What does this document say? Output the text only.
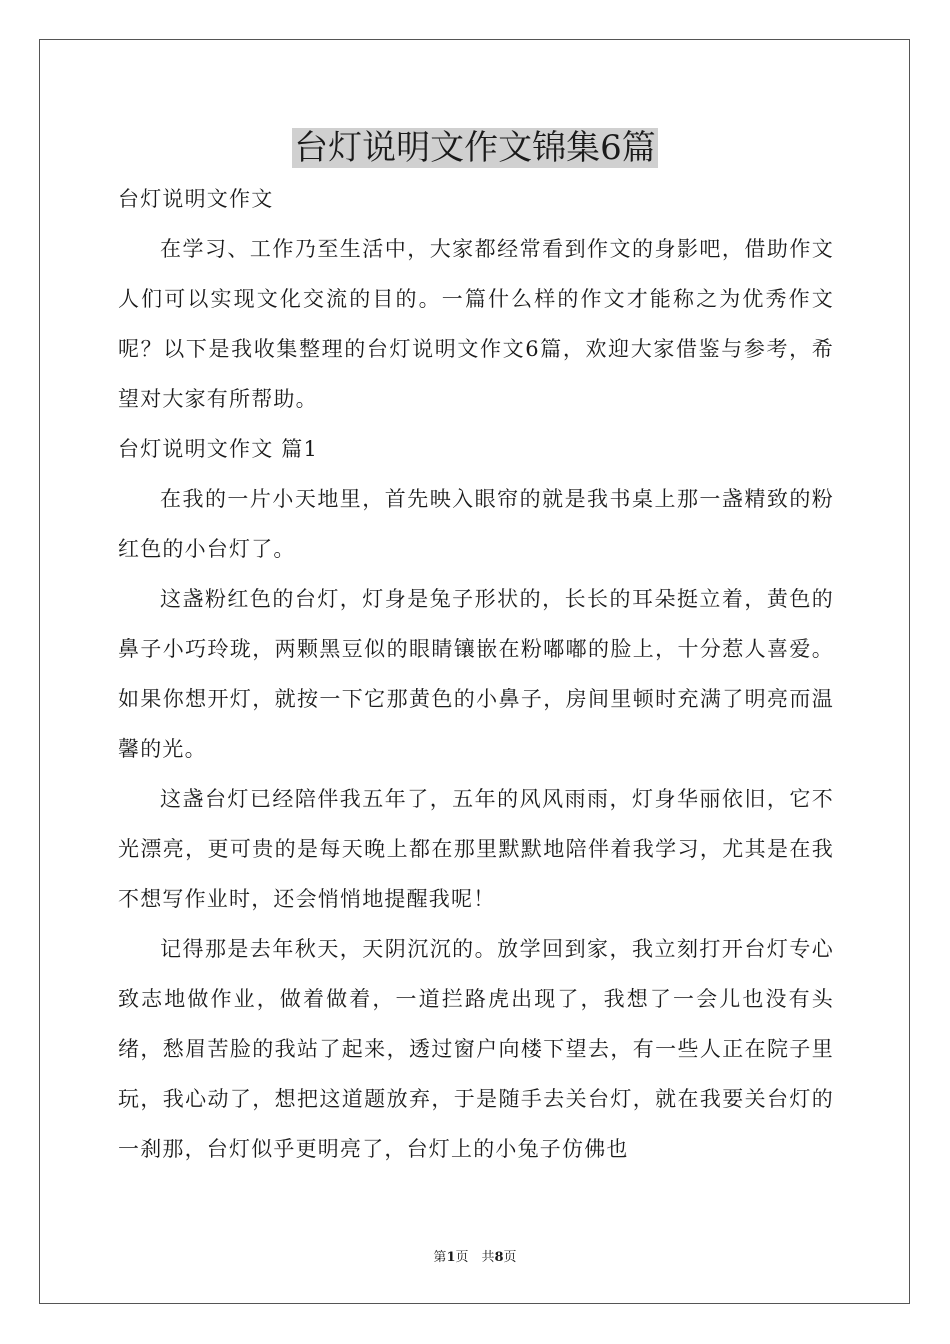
台灯说明文作文锦集6篇

台灯说明文作文

在学习、工作乃至生活中，大家都经常看到作文的身影吧，借助作文人们可以实现文化交流的目的。一篇什么样的作文才能称之为优秀作文呢？以下是我收集整理的台灯说明文作文6篇，欢迎大家借鉴与参考，希望对大家有所帮助。

台灯说明文作文 篇1

在我的一片小天地里，首先映入眼帘的就是我书桌上那一盏精致的粉红色的小台灯了。

这盏粉红色的台灯，灯身是兔子形状的，长长的耳朵挺立着，黄色的鼻子小巧玲珑，两颗黑豆似的眼睛镶嵌在粉嘟嘟的脸上，十分惹人喜爱。如果你想开灯，就按一下它那黄色的小鼻子，房间里顿时充满了明亮而温馨的光。

这盏台灯已经陪伴我五年了，五年的风风雨雨，灯身华丽依旧，它不光漂亮，更可贵的是每天晚上都在那里默默地陪伴着我学习，尤其是在我不想写作业时，还会悄悄地提醒我呢！

记得那是去年秋天，天阴沉沉的。放学回到家，我立刻打开台灯专心致志地做作业，做着做着，一道拦路虎出现了，我想了一会儿也没有头绪，愁眉苦脸的我站了起来，透过窗户向楼下望去，有一些人正在院子里玩，我心动了，想把这道题放弃，于是随手去关台灯，就在我要关台灯的一刹那，台灯似乎更明亮了，台灯上的小兔子仿佛也

第1页　共8页
